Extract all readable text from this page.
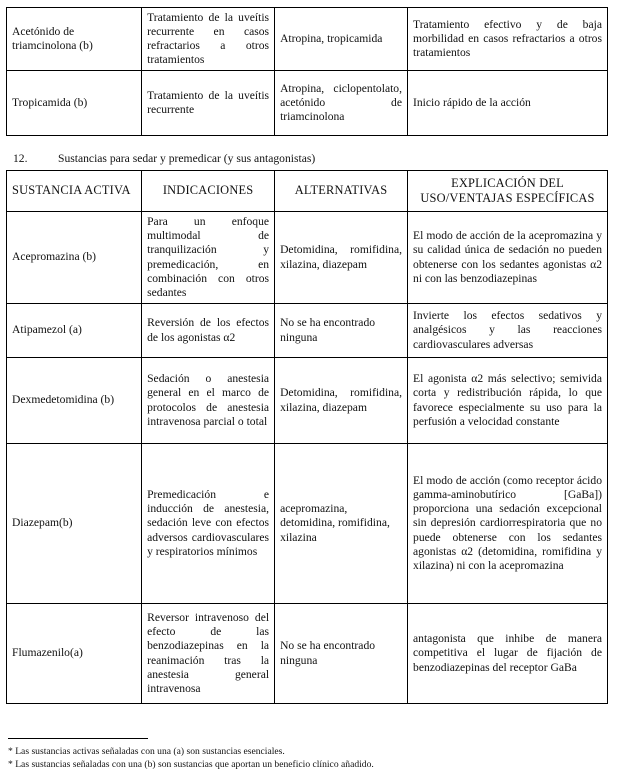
Acetónido de triamcinolona (b)	Tratamiento de la uveítis recurrente en casos refractarios a otros tratamientos	Atropina, tropicamida	Tratamiento efectivo y de baja morbilidad en casos refractarios a otros tratamientos
Tropicamida (b)	Tratamiento de la uveítis recurrente	Atropina, ciclopentolato, acetónido de triamcinolona	Inicio rápido de la acción
12.	Sustancias para sedar y premedicar (y sus antagonistas)
SUSTANCIA ACTIVA	INDICACIONES	ALTERNATIVAS	EXPLICACIÓN DEL USO/VENTAJAS ESPECÍFICAS
Acepromazina (b)	Para un enfoque multimodal de tranquilización y premedicación, en combinación con otros sedantes	Detomidina, romifidina, xilazina, diazepam	El modo de acción de la acepromazina y su calidad única de sedación no pueden obtenerse con los sedantes agonistas α2 ni con las benzodiazepinas
Atipamezol (a)	Reversión de los efectos de los agonistas α2	No se ha encontrado ninguna	Invierte los efectos sedativos y analgésicos y las reacciones cardiovasculares adversas
Dexmedetomidina (b)	Sedación o anestesia general en el marco de protocolos de anestesia intravenosa parcial o total	Detomidina, romifidina, xilazina, diazepam	El agonista α2 más selectivo; semivida corta y redistribución rápida, lo que favorece especialmente su uso para la perfusión a velocidad constante
Diazepam(b)	Premedicación e inducción de anestesia, sedación leve con efectos adversos cardiovasculares y respiratorios mínimos	acepromazina, detomidina, romifidina, xilazina	El modo de acción (como receptor ácido gamma-aminobutírico [GaBa]) proporciona una sedación excepcional sin depresión cardiorrespiratoria que no puede obtenerse con los sedantes agonistas α2 (detomidina, romifidina y xilazina) ni con la acepromazina
Flumazenilo(a)	Reversor intravenoso del efecto de las benzodiazepinas en la reanimación tras la anestesia general intravenosa	No se ha encontrado ninguna	antagonista que inhibe de manera competitiva el lugar de fijación de benzodiazepinas del receptor GaBa
* Las sustancias activas señaladas con una (a) son sustancias esenciales.
* Las sustancias señaladas con una (b) son sustancias que aportan un beneficio clínico añadido.
